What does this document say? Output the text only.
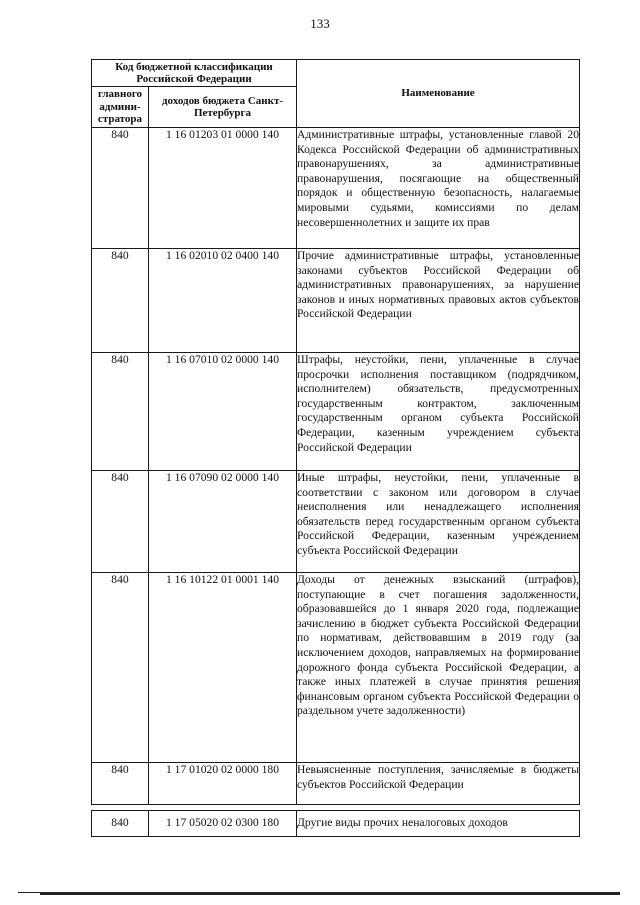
133
Код бюджетной классификации Российской Федерации		Наименование
главного админи-стратора	доходов бюджета Санкт-Петербурга	
840	1 16 01203 01 0000 140	Административные штрафы, установленные главой 20 Кодекса Российской Федерации об административных правонарушениях, за административные правонарушения, посягающие на общественный порядок и общественную безопасность, налагаемые мировыми судьями, комиссиями по делам несовершеннолетних и защите их прав
840	1 16 02010 02 0400 140	Прочие административные штрафы, установленные законами субъектов Российской Федерации об административных правонарушениях, за нарушение законов и иных нормативных правовых актов субъектов Российской Федерации
840	1 16 07010 02 0000 140	Штрафы, неустойки, пени, уплаченные в случае просрочки исполнения поставщиком (подрядчиком, исполнителем) обязательств, предусмотренных государственным контрактом, заключенным государственным органом субъекта Российской Федерации, казенным учреждением субъекта Российской Федерации
840	1 16 07090 02 0000 140	Иные штрафы, неустойки, пени, уплаченные в соответствии с законом или договором в случае неисполнения или ненадлежащего исполнения обязательств перед государственным органом субъекта Российской Федерации, казенным учреждением субъекта Российской Федерации
840	1 16 10122 01 0001 140	Доходы от денежных взысканий (штрафов), поступающие в счет погашения задолженности, образовавшейся до 1 января 2020 года, подлежащие зачислению в бюджет субъекта Российской Федерации по нормативам, действовавшим в 2019 году (за исключением доходов, направляемых на формирование дорожного фонда субъекта Российской Федерации, а также иных платежей в случае принятия решения финансовым органом субъекта Российской Федерации о раздельном учете задолженности)
840	1 17 01020 02 0000 180	Невыясненные поступления, зачисляемые в бюджеты субъектов Российской Федерации

840	1 17 05020 02 0300 180	Другие виды прочих неналоговых доходов
